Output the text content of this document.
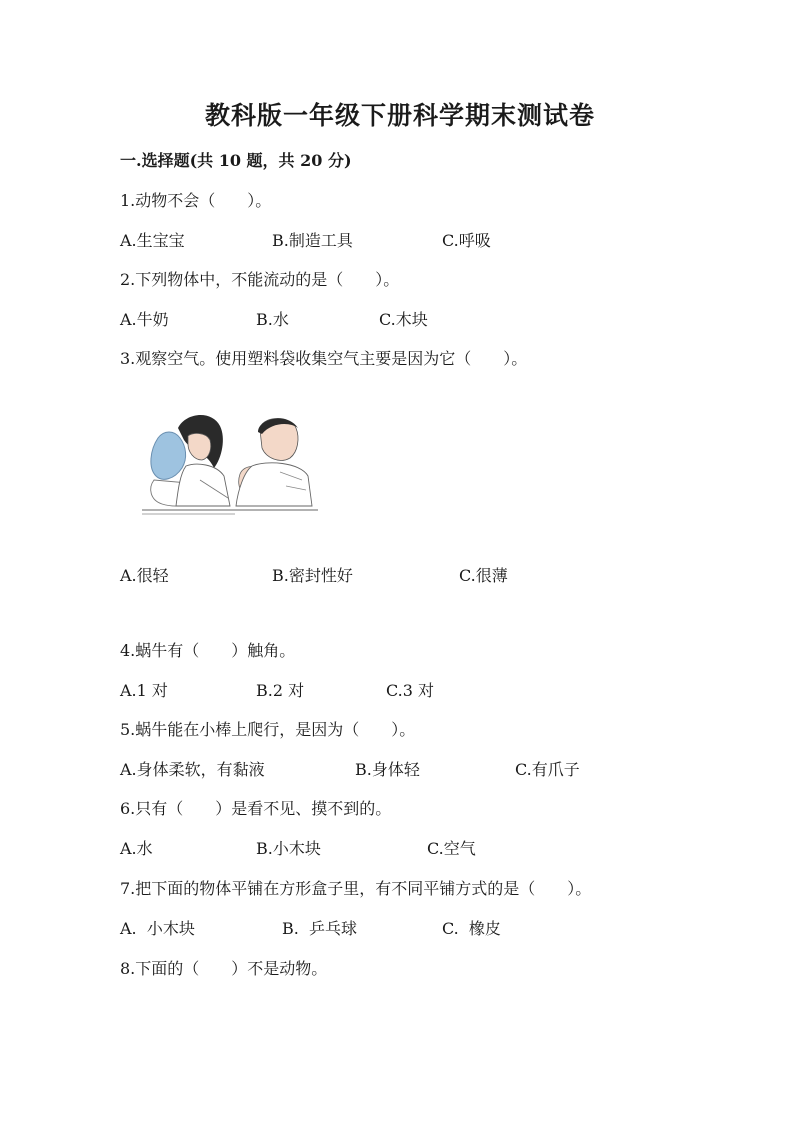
教科版一年级下册科学期末测试卷
一.选择题(共 10 题，共 20 分)
1.动物不会（　　）。
A.生宝宝	B.制造工具	C.呼吸
2.下列物体中，不能流动的是（　　）。
A.牛奶	B.水	C.木块
3.观察空气。使用塑料袋收集空气主要是因为它（　　）。
A.很轻	B.密封性好	C.很薄
4.蜗牛有（　　）触角。
A.1 对	B.2 对	C.3 对
5.蜗牛能在小棒上爬行，是因为（　　）。
A.身体柔软，有黏液	B.身体轻	C.有爪子
6.只有（　　）是看不见、摸不到的。
A.水	B.小木块	C.空气
7.把下面的物体平铺在方形盒子里，有不同平铺方式的是（　　）。
A.  小木块	B.  乒乓球	C.  橡皮
8.下面的（　　）不是动物。
